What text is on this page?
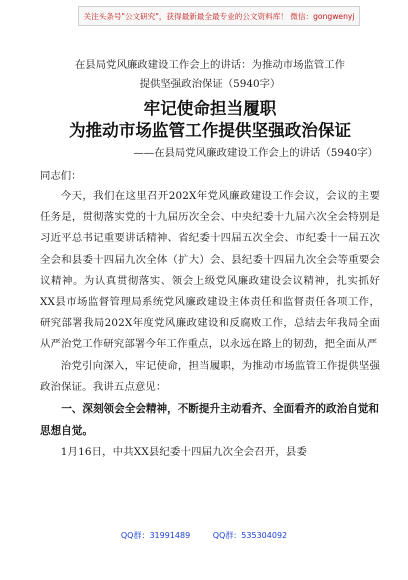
关注头条号"公文研究"，获得最新最全最专业的公文资料库！ 微信：gongwenyj

在县局党风廉政建设工作会上的讲话：为推动市场监管工作
提供坚强政治保证（5940字）

牢记使命担当履职
为推动市场监管工作提供坚强政治保证

——在县局党风廉政建设工作会上的讲话（5940字）

同志们：

今天，我们在这里召开202X年党风廉政建设工作会议，会议的主要任务是，贯彻落实党的十九届历次全会、中央纪委十九届六次全会特别是习近平总书记重要讲话精神、省纪委十四届五次全会、市纪委十一届五次全会和县委十四届九次全体（扩大）会、县纪委十四届九次全会等重要会议精神。为认真贯彻落实、领会上级党风廉政建设会议精神，扎实抓好XX县市场监督管理局系统党风廉政建设主体责任和监督责任各项工作，研究部署我局202X年度党风廉政建设和反腐败工作，总结去年我局全面从严治党工作研究部署今年工作重点，以永远在路上的韧劲，把全面从严

治党引向深入，牢记使命，担当履职，为推动市场监管工作提供坚强政治保证。我讲五点意见：

一、深刻领会全会精神，不断提升主动看齐、全面看齐的政治自觉和思想自觉。

1月16日，中共XX县纪委十四届九次全会召开，县委

QQ群：31991489	QQ群：535304092
